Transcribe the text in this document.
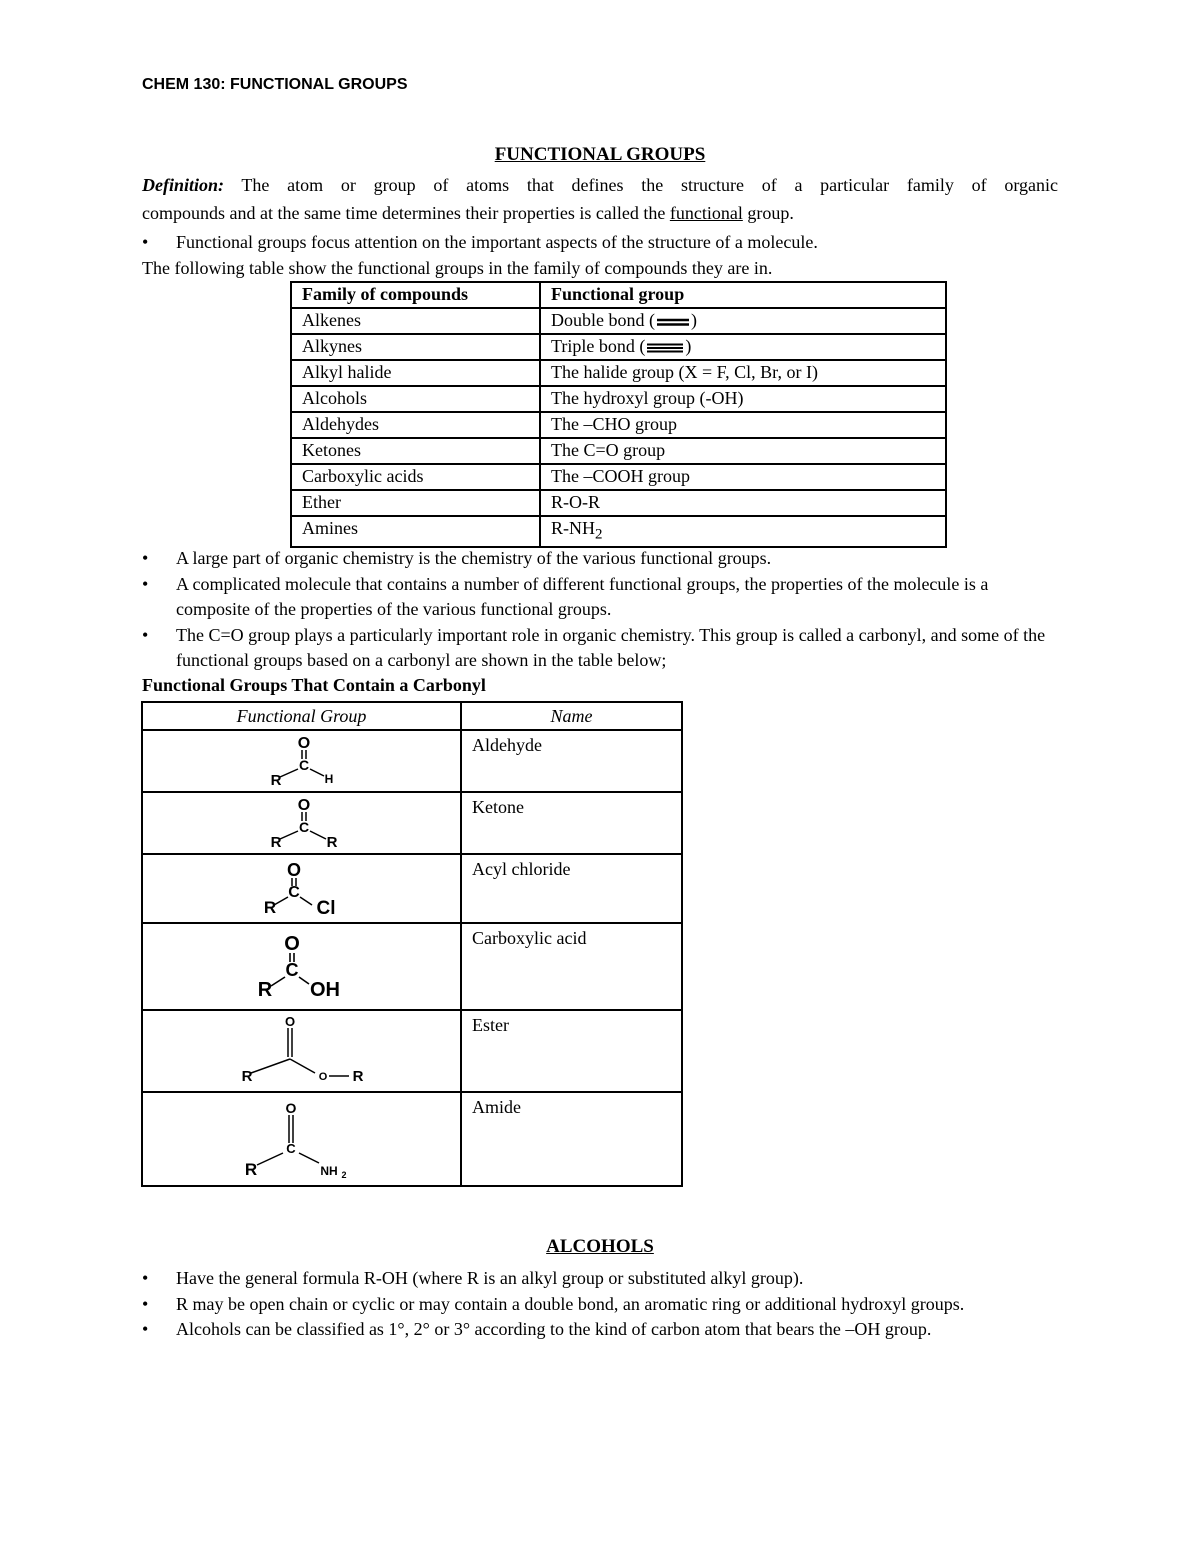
CHEM 130: FUNCTIONAL GROUPS
FUNCTIONAL GROUPS
Definition: The atom or group of atoms that defines the structure of a particular family of organic
compounds and at the same time determines their properties is called the functional group.
• Functional groups focus attention on the important aspects of the structure of a molecule.
The following table show the functional groups in the family of compounds they are in.
Family of compounds	Functional group
Alkenes	Double bond ( )
Alkynes	Triple bond ( )
Alkyl halide	The halide group (X = F, Cl, Br, or I)
Alcohols	The hydroxyl group (-OH)
Aldehydes	The –CHO group
Ketones	The C=O group
Carboxylic acids	The –COOH group
Ether	R-O-R
Amines	$R-NH_2$
• A large part of organic chemistry is the chemistry of the various functional groups.
• A complicated molecule that contains a number of different functional groups, the properties of the molecule is a composite of the properties of the various functional groups.
• The C=O group plays a particularly important role in organic chemistry. This group is called a carbonyl, and some of the functional groups based on a carbonyl are shown in the table below;
Functional Groups That Contain a Carbonyl
Functional Group	Name

O
C
R H	Aldehyde

O
C
R R	Ketone

O
C
R Cl	Acyl chloride

O
C
R OH	Carboxylic acid

O
R O R	Ester

O
C
R NH 2	Amide
ALCOHOLS
• Have the general formula R-OH (where R is an alkyl group or substituted alkyl group).
• R may be open chain or cyclic or may contain a double bond, an aromatic ring or additional hydroxyl groups.
• Alcohols can be classified as 1°, 2° or 3° according to the kind of carbon atom that bears the –OH group.
